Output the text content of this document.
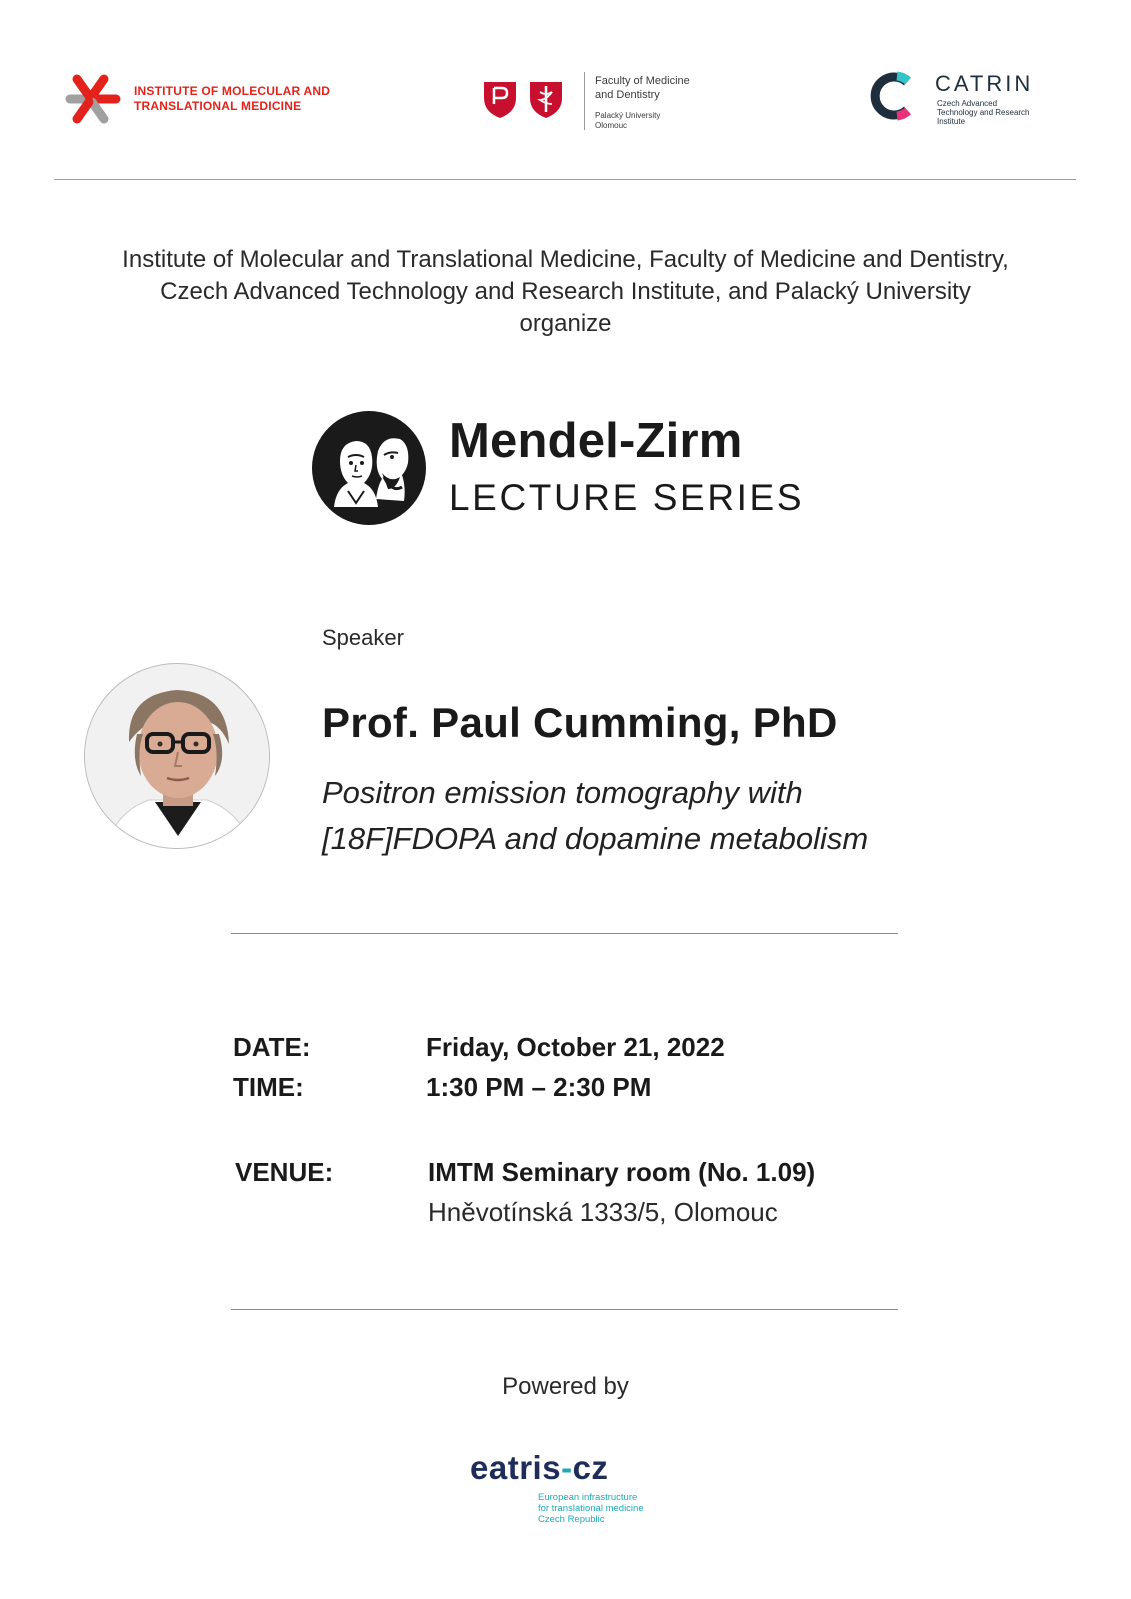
INSTITUTE OF MOLECULAR AND
TRANSLATIONAL MEDICINE
Faculty of Medicine
and Dentistry
Palacký University
Olomouc
CATRIN
Czech Advanced
Technology and Research
Institute
Institute of Molecular and Translational Medicine, Faculty of Medicine and Dentistry,
Czech Advanced Technology and Research Institute, and Palacký University
organize
Mendel-Zirm
LECTURE SERIES
Speaker
Prof. Paul Cumming, PhD
Positron emission tomography with
[18F]FDOPA and dopamine metabolism
DATE:	Friday, October 21, 2022
TIME:	1:30 PM – 2:30 PM
VENUE:	IMTM Seminary room (No. 1.09)
Hněvotínská 1333/5, Olomouc
Powered by
eatris-cz
European infrastructure
for translational medicine
Czech Republic
